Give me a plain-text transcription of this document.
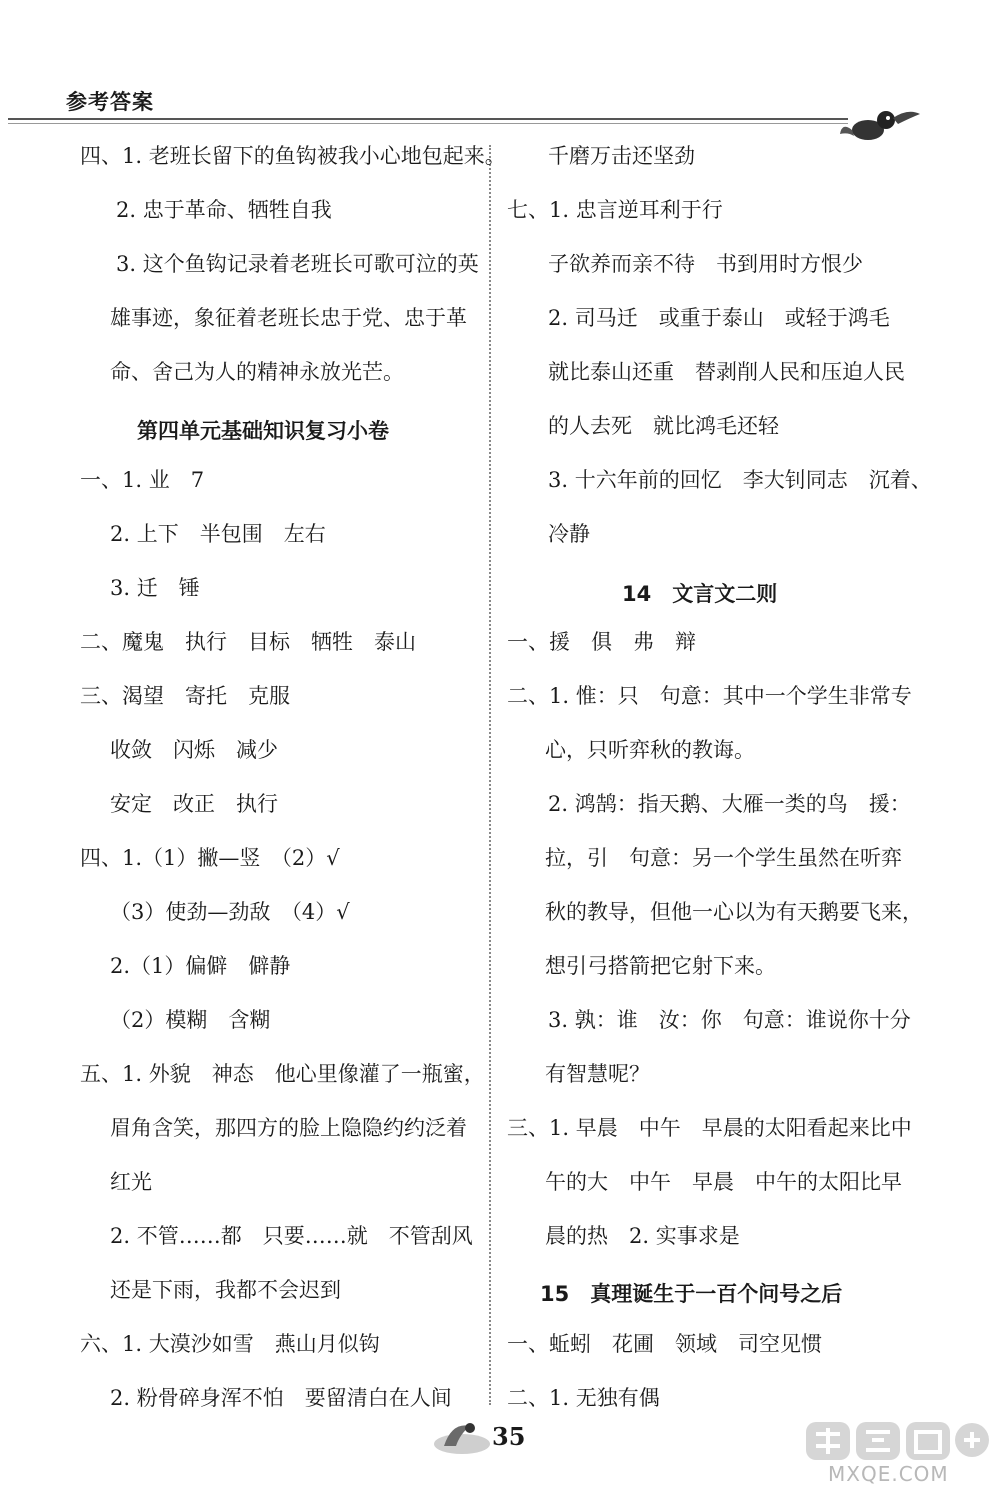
参考答案
四、1. 老班长留下的鱼钩被我小心地包起来。
2. 忠于革命、牺牲自我
3. 这个鱼钩记录着老班长可歌可泣的英
雄事迹，象征着老班长忠于党、忠于革
命、舍己为人的精神永放光芒。
第四单元基础知识复习小卷
一、1. 业　7
2. 上下　半包围　左右
3. 迁　锤
二、魔鬼　执行　目标　牺牲　泰山
三、渴望　寄托　克服
收敛　闪烁　减少
安定　改正　执行
四、1.（1）撇—竖　（2）√
（3）使劲—劲敌　（4）√
2.（1）偏僻　僻静
（2）模糊　含糊
五、1. 外貌　神态　他心里像灌了一瓶蜜，
眉角含笑，那四方的脸上隐隐约约泛着
红光
2. 不管……都　只要……就　不管刮风
还是下雨，我都不会迟到
六、1. 大漠沙如雪　燕山月似钩
2. 粉骨碎身浑不怕　要留清白在人间
千磨万击还坚劲
七、1. 忠言逆耳利于行
子欲养而亲不待　书到用时方恨少
2. 司马迁　或重于泰山　或轻于鸿毛
就比泰山还重　替剥削人民和压迫人民
的人去死　就比鸿毛还轻
3. 十六年前的回忆　李大钊同志　沉着、
冷静
14　文言文二则
一、援　俱　弗　辩
二、1. 惟：只　句意：其中一个学生非常专
心，只听弈秋的教诲。
2. 鸿鹄：指天鹅、大雁一类的鸟　援：
拉，引　句意：另一个学生虽然在听弈
秋的教导，但他一心以为有天鹅要飞来，
想引弓搭箭把它射下来。
3. 孰：谁　汝：你　句意：谁说你十分
有智慧呢？
三、1. 早晨　中午　早晨的太阳看起来比中
午的大　中午　早晨　中午的太阳比早
晨的热　2. 实事求是
15　真理诞生于一百个问号之后
一、蚯蚓　花圃　领域　司空见惯
二、1. 无独有偶
35
MXQE.COM
